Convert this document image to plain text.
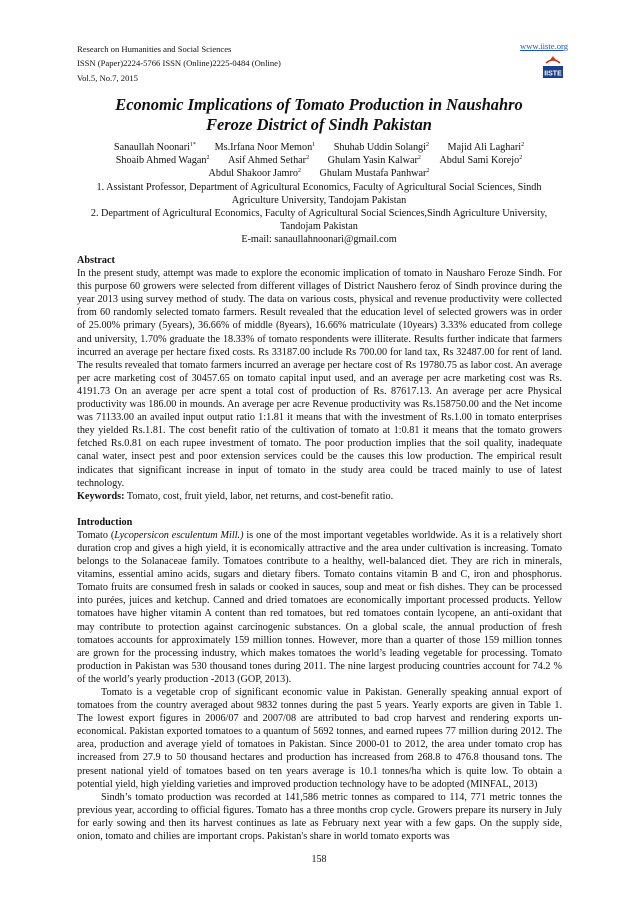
Research on Humanities and Social Sciences
ISSN (Paper)2224-5766 ISSN (Online)2225-0484 (Online)
Vol.5, No.7, 2015
www.iiste.org
IISTE
Economic Implications of Tomato Production in Naushahro
Feroze District of Sindh Pakistan
Sanaullah Noonari$^{1*}$ Ms.Irfana Noor Memon$^1$ Shuhab Uddin Solangi$^2$ Majid Ali Laghari$^2$
Shoaib Ahmed Wagan$^2$ Asif Ahmed Sethar$^2$ Ghulam Yasin Kalwar$^2$ Abdul Sami Korejo$^2$
Abdul Shakoor Jamro$^2$ Ghulam Mustafa Panhwar$^2$
1. Assistant Professor, Department of Agricultural Economics, Faculty of Agricultural Social Sciences, Sindh
Agriculture University, Tandojam Pakistan
2. Department of Agricultural Economics, Faculty of Agricultural Social Sciences,Sindh Agriculture University,
Tandojam Pakistan
E-mail: sanaullahnoonari@gmail.com

Abstract

In the present study, attempt was made to explore the economic implication of tomato in Nausharo Feroze Sindh. For this purpose 60 growers were selected from different villages of District Naushero feroz of Sindh province during the year 2013 using survey method of study. The data on various costs, physical and revenue productivity were collected from 60 randomly selected tomato farmers. Result revealed that the education level of selected growers was in order of 25.00% primary (5years), 36.66% of middle (8years), 16.66% matriculate (10years) 3.33% educated from college and university, 1.70% graduate the 18.33% of tomato respondents were illiterate. Results further indicate that farmers incurred an average per hectare fixed costs. Rs 33187.00 include Rs 700.00 for land tax, Rs 32487.00 for rent of land. The results revealed that tomato farmers incurred an average per hectare cost of Rs 19780.75 as labor cost. An average per acre marketing cost of 30457.65 on tomato capital input used, and an average per acre marketing cost was Rs. 4191.73 On an average per acre spent a total cost of production of Rs. 87617.13. An average per acre Physical productivity was 186.00 in mounds. An average per acre Revenue productivity was Rs.158750.00 and the Net income was 71133.00 an availed input output ratio 1:1.81 it means that with the investment of Rs.1.00 in tomato enterprises they yielded Rs.1.81. The cost benefit ratio of the cultivation of tomato at 1:0.81 it means that the tomato growers fetched Rs.0.81 on each rupee investment of tomato. The poor production implies that the soil quality, inadequate canal water, insect pest and poor extension services could be the causes this low production. The empirical result indicates that significant increase in input of tomato in the study area could be traced mainly to use of latest technology.

Keywords: Tomato, cost, fruit yield, labor, net returns, and cost-benefit ratio.

Introduction

Tomato (Lycopersicon esculentum Mill.) is one of the most important vegetables worldwide. As it is a relatively short duration crop and gives a high yield, it is economically attractive and the area under cultivation is increasing. Tomato belongs to the Solanaceae family. Tomatoes contribute to a healthy, well-balanced diet. They are rich in minerals, vitamins, essential amino acids, sugars and dietary fibers. Tomato contains vitamin B and C, iron and phosphorus. Tomato fruits are consumed fresh in salads or cooked in sauces, soup and meat or fish dishes. They can be processed into purées, juices and ketchup. Canned and dried tomatoes are economically important processed products. Yellow tomatoes have higher vitamin A content than red tomatoes, but red tomatoes contain lycopene, an anti-oxidant that may contribute to protection against carcinogenic substances. On a global scale, the annual production of fresh tomatoes accounts for approximately 159 million tonnes. However, more than a quarter of those 159 million tonnes are grown for the processing industry, which makes tomatoes the world’s leading vegetable for processing. Tomato production in Pakistan was 530 thousand tones during 2011. The nine largest producing countries account for 74.2 % of the world’s yearly production -2013 (GOP, 2013).

Tomato is a vegetable crop of significant economic value in Pakistan. Generally speaking annual export of tomatoes from the country averaged about 9832 tonnes during the past 5 years. Yearly exports are given in Table 1. The lowest export figures in 2006/07 and 2007/08 are attributed to bad crop harvest and rendering exports un-economical. Pakistan exported tomatoes to a quantum of 5692 tonnes, and earned rupees 77 million during 2012. The area, production and average yield of tomatoes in Pakistan. Since 2000-01 to 2012, the area under tomato crop has increased from 27.9 to 50 thousand hectares and production has increased from 268.8 to 476.8 thousand tons. The present national yield of tomatoes based on ten years average is 10.1 tonnes/ha which is quite low. To obtain a potential yield, high yielding varieties and improved production technology have to be adopted (MINFAL, 2013)

Sindh’s tomato production was recorded at 141,586 metric tonnes as compared to 114, 771 metric tonnes the previous year, according to official figures. Tomato has a three months crop cycle. Growers prepare its nursery in July for early sowing and then its harvest continues as late as February next year with a few gaps. On the supply side, onion, tomato and chilies are important crops. Pakistan's share in world tomato exports was

158
